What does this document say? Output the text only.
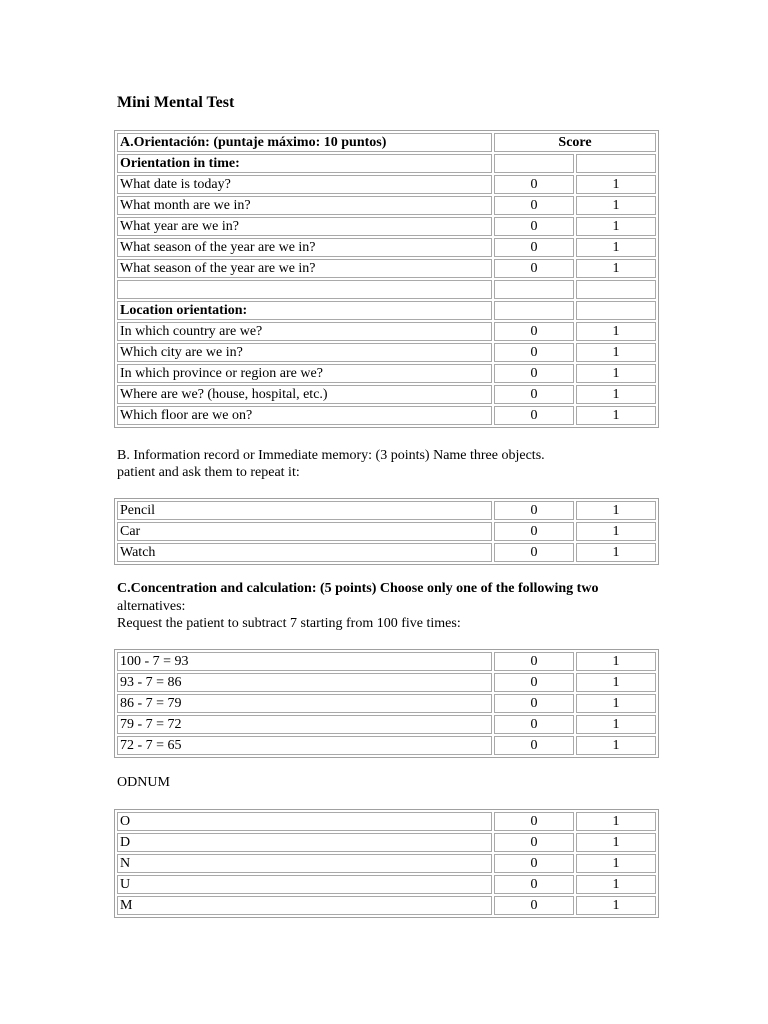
Mini Mental Test
A.Orientación: (puntaje máximo: 10 puntos)	Score	
Orientation in time:		
What date is today?	0	1
What month are we in?	0	1
What year are we in?	0	1
What season of the year are we in?	0	1
What season of the year are we in?	0	1

Location orientation:		
In which country are we?	0	1
Which city are we in?	0	1
In which province or region are we?	0	1
Where are we? (house, hospital, etc.)	0	1
Which floor are we on?	0	1

B. Information record or Immediate memory: (3 points) Name three objects.

patient and ask them to repeat it:

Pencil	0	1
Car	0	1
Watch	0	1

C.Concentration and calculation: (5 points) Choose only one of the following two

alternatives:

Request the patient to subtract 7 starting from 100 five times:

100 - 7 = 93	0	1
93 - 7 = 86	0	1
86 - 7 = 79	0	1
79 - 7 = 72	0	1
72 - 7 = 65	0	1

ODNUM

O	0	1
D	0	1
N	0	1
U	0	1
M	0	1
